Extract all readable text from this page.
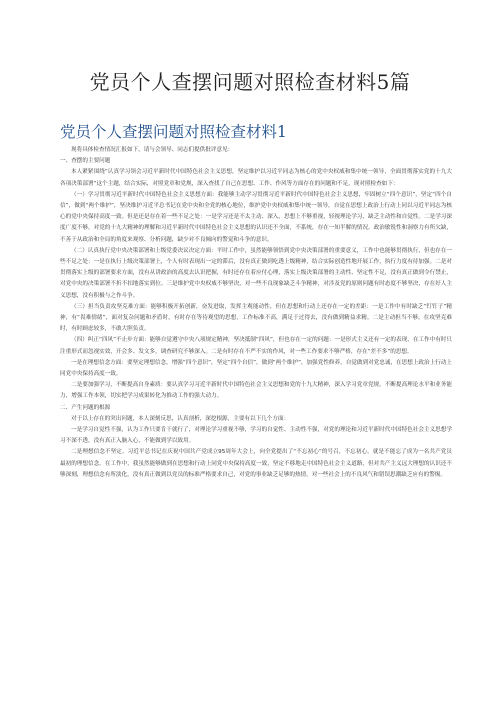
党员个人查摆问题对照检查材料5篇
党员个人查摆问题对照检查材料1

现将具体检查情况汇报如下，请与会领导、同志们提供批评意见：

一、查摆的主要问题

本人紧紧围绕“认真学习领会习近平新时代中国特色社会主义思想，坚定维护以习近平同志为核心的党中央权威和集中统一领导，全面贯彻落实党的十九大各项决策部署”这个主题，结合实际，对照党章和党规，深入查找了自己在思想、工作、作风等方面存在的问题和不足，现对照检查如下：

（一）学习贯彻习近平新时代中国特色社会主义思想方面：我能够主动学习贯彻习近平新时代中国特色社会主义思想，牢固树立“四个意识”，坚定“四个自信”，做到“两个维护”，坚决维护习近平总书记在党中央和全党的核心地位，维护党中央权威和集中统一领导，自觉在思想上政治上行动上同以习近平同志为核心的党中央保持高度一致。但是还是存在着一些不足之处：一是学习还是不太主动、深入，思想上不够重视，轻视理论学习，缺乏主动性和自觉性。二是学习深度广度不够。对党的十九大精神的理解和习近平新时代中国特色社会主义思想的认识还不全面，不系统，存在一知半解的情况。政治敏锐性和洞察力有所欠缺，不善于从政治和全局的角度来观察、分析问题，缺少对不良倾向的警觉和斗争的意识。

（二）认真执行党中央决策部署和上级党委决议决定方面：平时工作中，虽然能够领悟到党中央决策部署的重要意义，工作中也能够贯彻执行，但也存在一些不足之处：一是在执行上级决策部署上，个人有时表现出一定的滞后，没有真正做到吃透上级精神，结合实际创造性地开展工作，执行力度有待加强。二是对贯彻落实上级的部署要求方面，没有从讲政治的高度去认识把握，有时还存在着应付心理，落实上级决策部署的主动性、坚定性不足，没有真正做到令行禁止，对党中央的决策部署不折不扣地落实到位。三是维护党中央权威不够坚决，对一些不良现象缺乏斗争精神，对涉及党的原则问题有时态度不够坚决，存在好人主义思想，没有积极与之作斗争。

（三）担当负责攻坚克难方面：能够积极开拓创新，奋发进取，发挥主观能动性，但在思想和行动上还存在一定的差距：一是工作中有时缺乏“钉钉子”精神，有“畏难情绪”，面对复杂问题和矛盾时，有时存在等待观望的思想，工作标准不高，满足于过得去，没有做到精益求精。二是主动担当不够，在攻坚克难时，有时顾虑较多，不敢大胆负责。

（四）纠正“四风”不止步方面：能够自觉遵守中央八项规定精神，坚决抵制“四风”，但也存在一定的问题：一是形式主义还有一定的表现，在工作中有时只注重形式而忽视实效，开会多、发文多，调查研究不够深入。二是有时存在不严不实的作风，对一些工作要求不够严格，存在“差不多”的思想。

一是在理想信念方面：要坚定理想信念，增强“四个意识”，坚定“四个自信”，做到“两个维护”，加强党性修养，自觉做到对党忠诚，在思想上政治上行动上同党中央保持高度一致。

二是要加强学习，不断提高自身素质：要认真学习习近平新时代中国特色社会主义思想和党的十九大精神，深入学习党章党规，不断提高理论水平和业务能力，增强工作本领，切实把学习成果转化为推动工作的强大动力。

二、产生问题的根源

对于以上存在的突出问题，本人深刻反思，认真剖析，深挖根源，主要有以下几个方面：

一是学习自觉性不强，认为工作只要肯干就行了，对理论学习重视不够，学习的自觉性、主动性不强，对党的理论和习近平新时代中国特色社会主义思想学习不深不透，没有真正入脑入心，不能做到学以致用。

二是理想信念不坚定。习近平总书记在庆祝中国共产党成立95周年大会上，向全党提出了“不忘初心”的号召，不忘初心，就是不能忘了成为一名共产党员最初的理想信念。在工作中，我虽然能够做到在思想和行动上同党中央保持高度一致，坚定不移地走中国特色社会主义道路，但对共产主义远大理想的认识还不够深刻，理想信念有所淡化，没有真正做到以党员的标准严格要求自己，对党的事业缺乏足够的热情，对一些社会上的不良风气和错误思潮缺乏应有的警惕。
